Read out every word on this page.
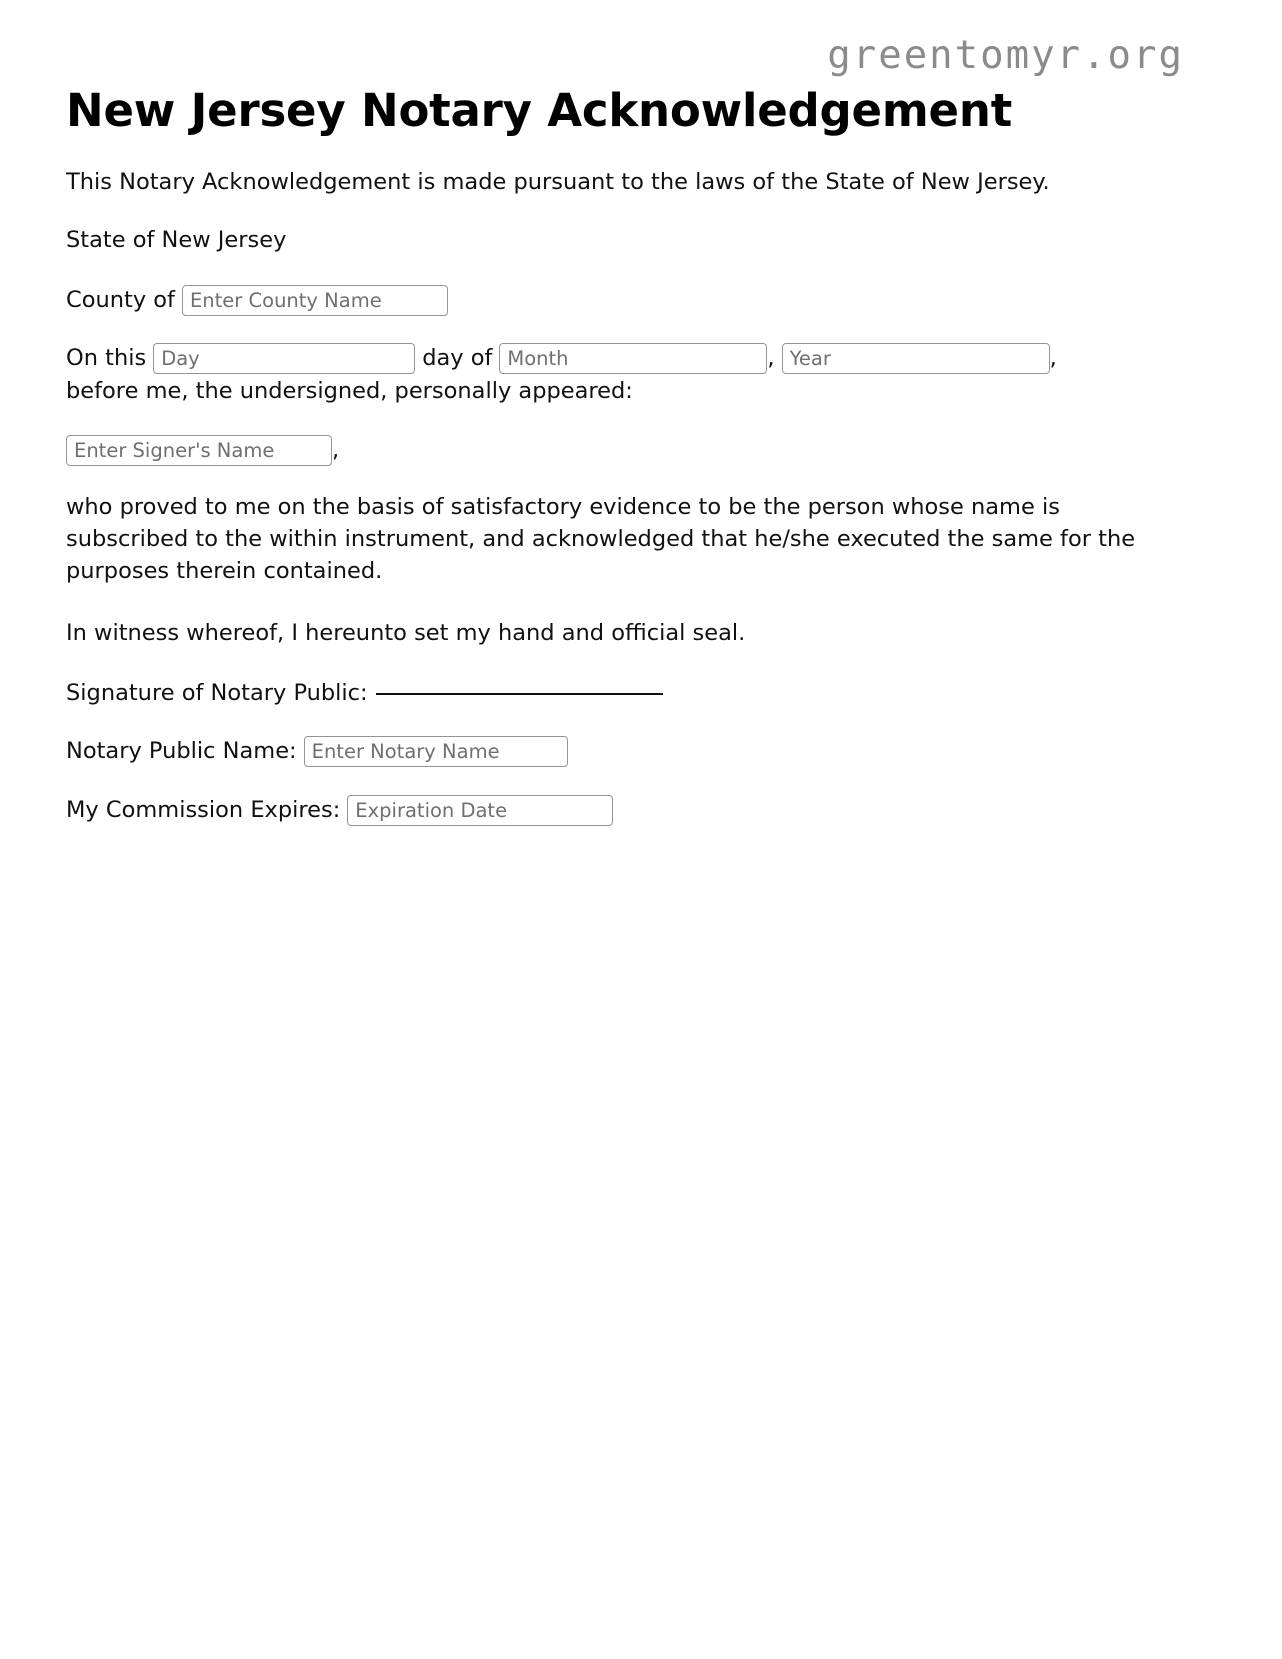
greentomyr.org
New Jersey Notary Acknowledgement

This Notary Acknowledgement is made pursuant to the laws of the State of New Jersey.

State of New Jersey

County ofEnter County Name
On thisDay	day ofMonth	,Year	,
before me, the undersigned, personally appeared:
Enter Signer's Name,

who proved to me on the basis of satisfactory evidence to be the person whose name is subscribed to the within instrument, and acknowledged that he/she executed the same for the purposes therein contained.

In witness whereof, I hereunto set my hand and official seal.

Signature of Notary Public:
Notary Public Name:Enter Notary Name
My Commission Expires:Expiration Date
